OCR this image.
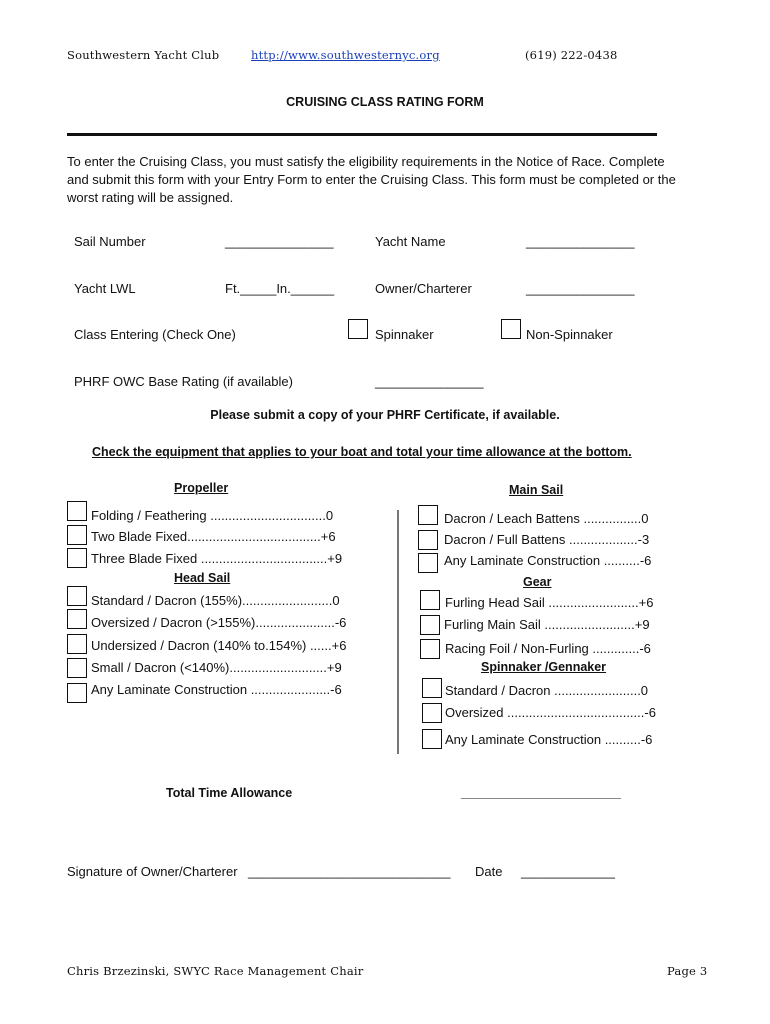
Southwestern Yacht Club	http://www.southwesternyc.org	(619) 222-0438
CRUISING CLASS RATING FORM
To enter the Cruising Class, you must satisfy the eligibility requirements in the Notice of Race. Complete and submit this form with your Entry Form to enter the Cruising Class. This form must be completed or the worst rating will be assigned.
Sail Number	_______________	Yacht Name	_______________
Yacht LWL	Ft._____In.______	Owner/Charterer	_______________
Class Entering (Check One)	Spinnaker	Non-Spinnaker
PHRF OWC Base Rating (if available)	_______________
Please submit a copy of your PHRF Certificate, if available.
Check the equipment that applies to your boat and total your time allowance at the bottom.
Propeller
Folding / Feathering ................................0
Two Blade Fixed.....................................+6
Three Blade Fixed ...................................+9
Head Sail
Standard / Dacron (155%).........................0
Oversized / Dacron (>155%)......................-6
Undersized / Dacron (140% to.154%) ......+6
Small / Dacron (<140%)...........................+9
Any Laminate Construction ......................-6
Main Sail
Dacron / Leach Battens ................0
Dacron / Full Battens ...................-3
Any Laminate Construction ..........-6
Gear
Furling Head Sail .........................+6
Furling Main Sail .........................+9
Racing Foil / Non-Furling .............-6
Spinnaker /Gennaker
Standard / Dacron ........................0
Oversized ......................................-6
Any Laminate Construction ..........-6
Total Time Allowance	_______________________
Signature of Owner/Charterer ____________________________ Date _____________
Chris Brzezinski, SWYC Race Management Chair	Page 3
